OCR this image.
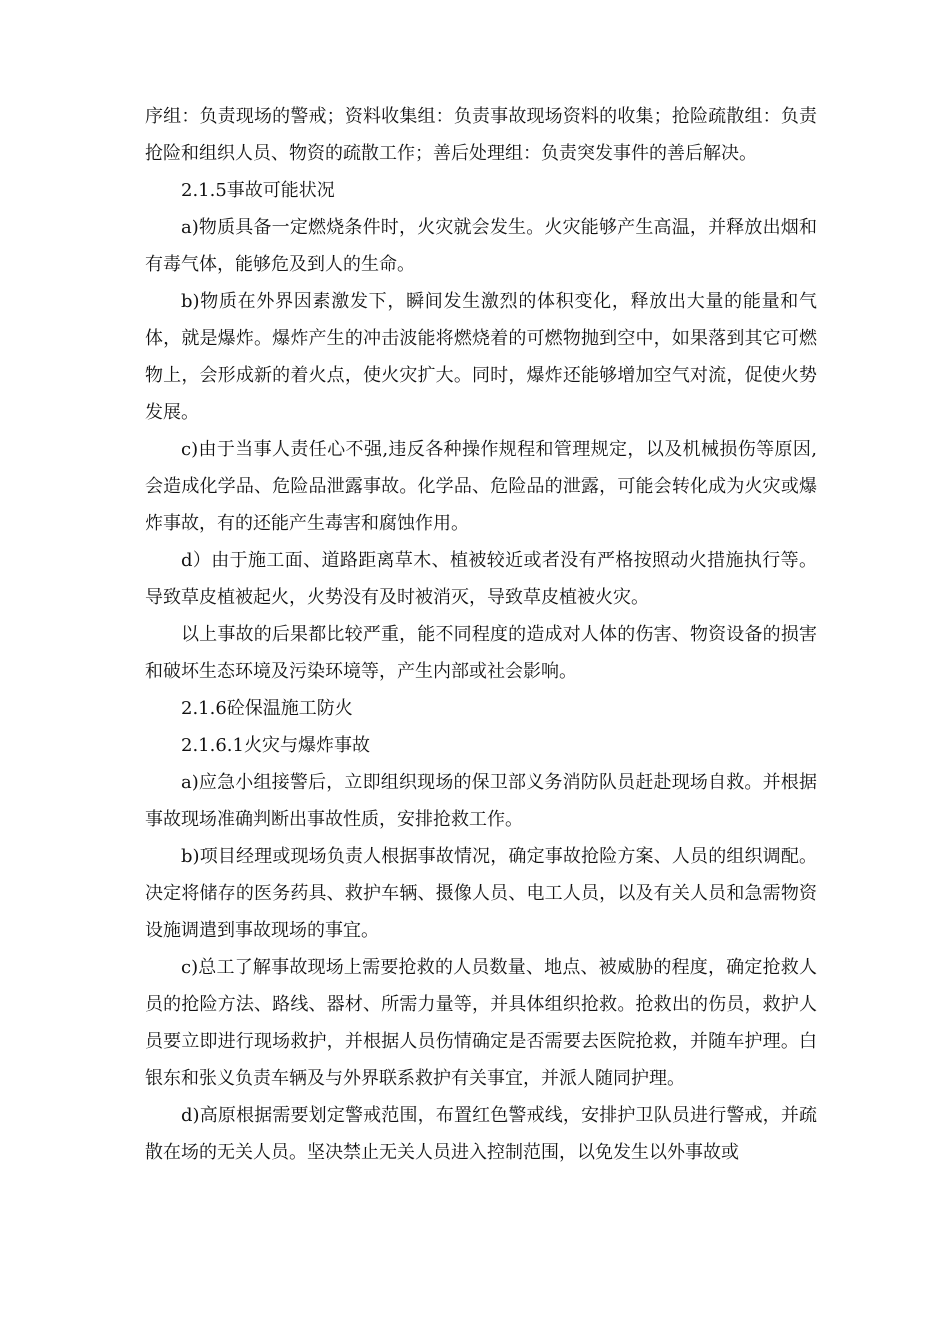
序组：负责现场的警戒；资料收集组：负责事故现场资料的收集；抢险疏散组：负责抢险和组织人员、物资的疏散工作；善后处理组：负责突发事件的善后解决。

2.1.5事故可能状况

a)物质具备一定燃烧条件时，火灾就会发生。火灾能够产生高温，并释放出烟和有毒气体，能够危及到人的生命。

b)物质在外界因素激发下，瞬间发生激烈的体积变化，释放出大量的能量和气体，就是爆炸。爆炸产生的冲击波能将燃烧着的可燃物抛到空中，如果落到其它可燃物上，会形成新的着火点，使火灾扩大。同时，爆炸还能够增加空气对流，促使火势发展。

c)由于当事人责任心不强,违反各种操作规程和管理规定，以及机械损伤等原因,会造成化学品、危险品泄露事故。化学品、危险品的泄露，可能会转化成为火灾或爆炸事故，有的还能产生毒害和腐蚀作用。

d）由于施工面、道路距离草木、植被较近或者没有严格按照动火措施执行等。导致草皮植被起火，火势没有及时被消灭，导致草皮植被火灾。

以上事故的后果都比较严重，能不同程度的造成对人体的伤害、物资设备的损害和破坏生态环境及污染环境等，产生内部或社会影响。

2.1.6砼保温施工防火

2.1.6.1火灾与爆炸事故

a)应急小组接警后，立即组织现场的保卫部义务消防队员赶赴现场自救。并根据事故现场准确判断出事故性质，安排抢救工作。

b)项目经理或现场负责人根据事故情况，确定事故抢险方案、人员的组织调配。决定将储存的医务药具、救护车辆、摄像人员、电工人员，以及有关人员和急需物资设施调遣到事故现场的事宜。

c)总工了解事故现场上需要抢救的人员数量、地点、被威胁的程度，确定抢救人员的抢险方法、路线、器材、所需力量等，并具体组织抢救。抢救出的伤员，救护人员要立即进行现场救护，并根据人员伤情确定是否需要去医院抢救，并随车护理。白银东和张义负责车辆及与外界联系救护有关事宜，并派人随同护理。

d)高原根据需要划定警戒范围，布置红色警戒线，安排护卫队员进行警戒，并疏散在场的无关人员。坚决禁止无关人员进入控制范围，以免发生以外事故或
